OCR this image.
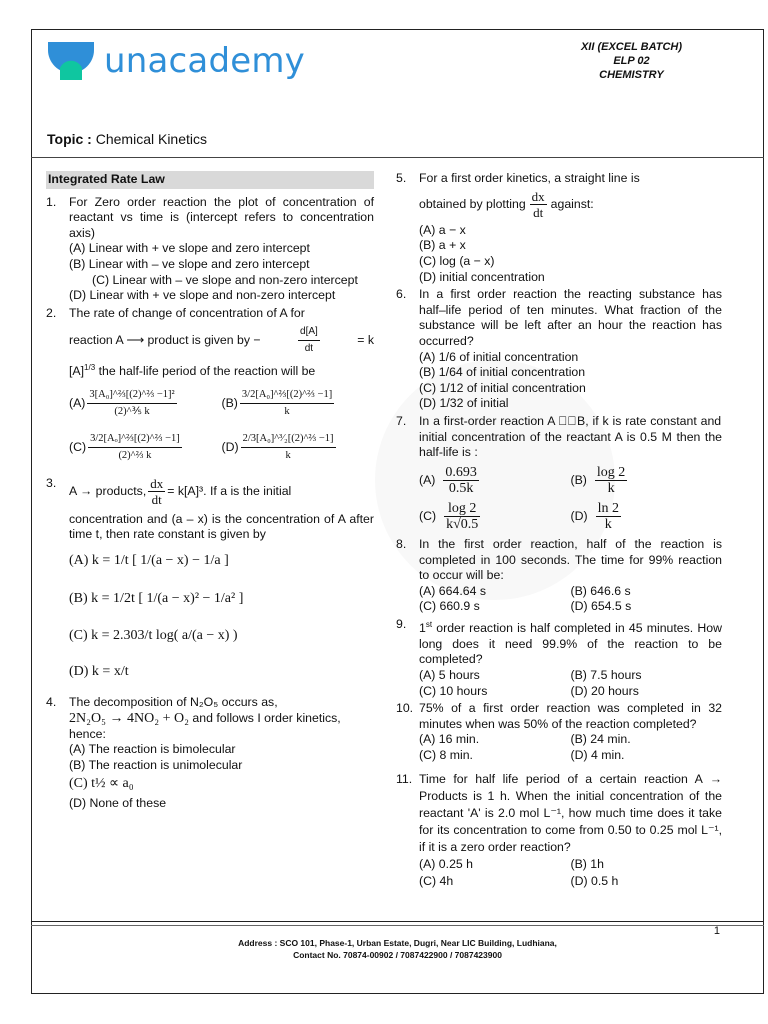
unacademy	XII (EXCEL BATCH)
ELP 02
CHEMISTRY
Topic : Chemical Kinetics
Integrated Rate Law
1. For Zero order reaction the plot of concentration of reactant vs time is (intercept refers to concentration axis)
(A) Linear with + ve slope and zero intercept
(B) Linear with – ve slope and zero intercept
(C) Linear with – ve slope and non-zero intercept
(D) Linear with + ve slope and non-zero intercept
2. The rate of change of concentration of A for
reaction A ⟶ product is given by −	$\frac{d[A]}{dt}$	= k
$[A]^{1/3}$ the half-life period of the reaction will be
$(A) \frac{\text{3[A₀]\textasciicircum{}⅔[(2)\textasciicircum{}⅔ −1]²}}{\text{(2)\textasciicircum{}⅗ k}}$	$(B) \frac{\text{3/2[A₀]\textasciicircum{}⅔[(2)\textasciicircum{}⅔ −1]}}{k}$
$(C) \frac{\text{3/2[Aₒ]\textasciicircum{}⅔[(2)\textasciicircum{}⅔ −1]}}{\text{(2)\textasciicircum{}⅔ k}}$	$(D) \frac{\text{2/3[A₀]\textasciicircum{}³⁄₂[(2)\textasciicircum{}⅔ −1]}}{k}$
3.
A → products, $\frac{dx}{dt} = k[A]^3$. If a is the initial
concentration and (a – x) is the concentration of A after time t, then rate constant is given by
(A) k = 1/t [ 1/(a − x) − 1/a ]
(B) k = 1/2t [ 1/(a − x)² − 1/a² ]
(C) k = 2.303/t log( a/(a − x) )
(D) k = x/t
4. The decomposition of N₂O₅ occurs as,
2N₂O₅ → 4NO₂ + O₂ and follows I order kinetics, hence:
(A) The reaction is bimolecular
(B) The reaction is unimolecular
(C) t½ ∝ a₀
(D) None of these
5. For a first order kinetics, a straight line is
obtained by plotting $\frac{dx}{dt}$ against:
(A) a − x
(B) a + x
(C) log (a − x)
(D) initial concentration
6. In a first order reaction the reacting substance has half–life period of ten minutes. What fraction of the substance will be left after an hour the reaction has occurred?
(A) 1/6 of initial concentration
(B) 1/64 of initial concentration
(C) 1/12 of initial concentration
(D) 1/32 of initial
7. In a first-order reaction A ⃞⃞B, if k is rate constant and initial concentration of the reactant A is 0.5 M then the half-life is :
$(A) \frac{0.693}{0.5k}$	$(B) \frac{\log 2}{k}$
$(C) \frac{\log 2}{k√0.5}$	$(D) \frac{\ln 2}{k}$
8. In the first order reaction, half of the reaction is completed in 100 seconds. The time for 99% reaction to occur will be:
(A) 664.64 s	(B) 646.6 s
(C) 660.9 s	(D) 654.5 s
9. 1st order reaction is half completed in 45 minutes. How long does it need 99.9% of the reaction to be completed?
(A) 5 hours	(B) 7.5 hours
(C) 10 hours	(D) 20 hours
10. 75% of a first order reaction was completed in 32 minutes when was 50% of the reaction completed?
(A) 16 min.	(B) 24 min.
(C) 8 min.	(D) 4 min.
11. Time for half life period of a certain reaction A → Products is 1 h. When the initial concentration of the reactant 'A' is 2.0 mol L⁻¹, how much time does it take for its concentration to come from 0.50 to 0.25 mol L⁻¹, if it is a zero order reaction?
(A) 0.25 h	(B) 1h
(C) 4h	(D) 0.5 h
1
Address : SCO 101, Phase-1, Urban Estate, Dugri, Near LIC Building, Ludhiana,
Contact No. 70874-00902 / 7087422900 / 7087423900
